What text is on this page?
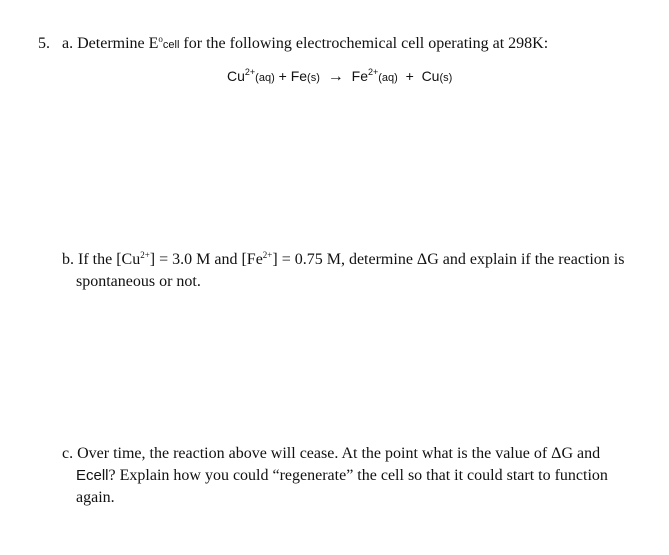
5. a. Determine $E^ocell$ for the following electrochemical cell operating at 298K:
$Cu^{2+}(aq) + Fe(s) \to Fe^{2+}(aq) + Cu(s)$
b. If the $[Cu^{2+}] = 3.0$ M and $[Fe^{2+}] = 0.75$ M, determine ΔG and explain if the reaction is
spontaneous or not.
c. Over time, the reaction above will cease. At the point what is the value of ΔG and
Ecell? Explain how you could “regenerate” the cell so that it could start to function
again.
